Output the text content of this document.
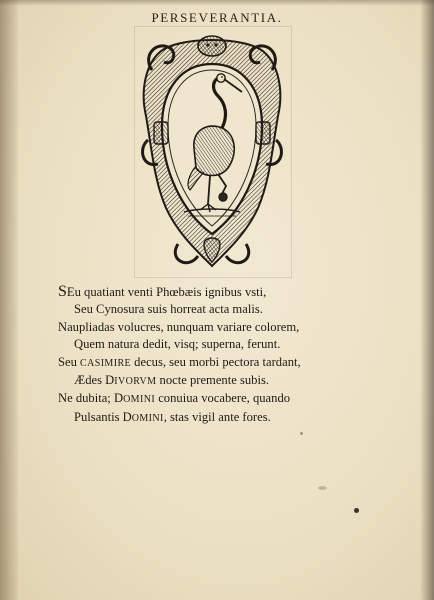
PERSEVERANTIA.
SEu quatiant venti Phœbæis ignibus vsti,
Seu Cynosura suis horreat acta malis.
Naupliadas volucres, nunquam variare colorem,
Quem natura dedit, visq; superna, ferunt.
Seu CASIMIRE decus, seu morbi pectora tardant,
Ædes DIVORVM nocte premente subis.
Ne dubita; DOMINI conuiua vocabere, quando
Pulsantis DOMINI, stas vigil ante fores.
